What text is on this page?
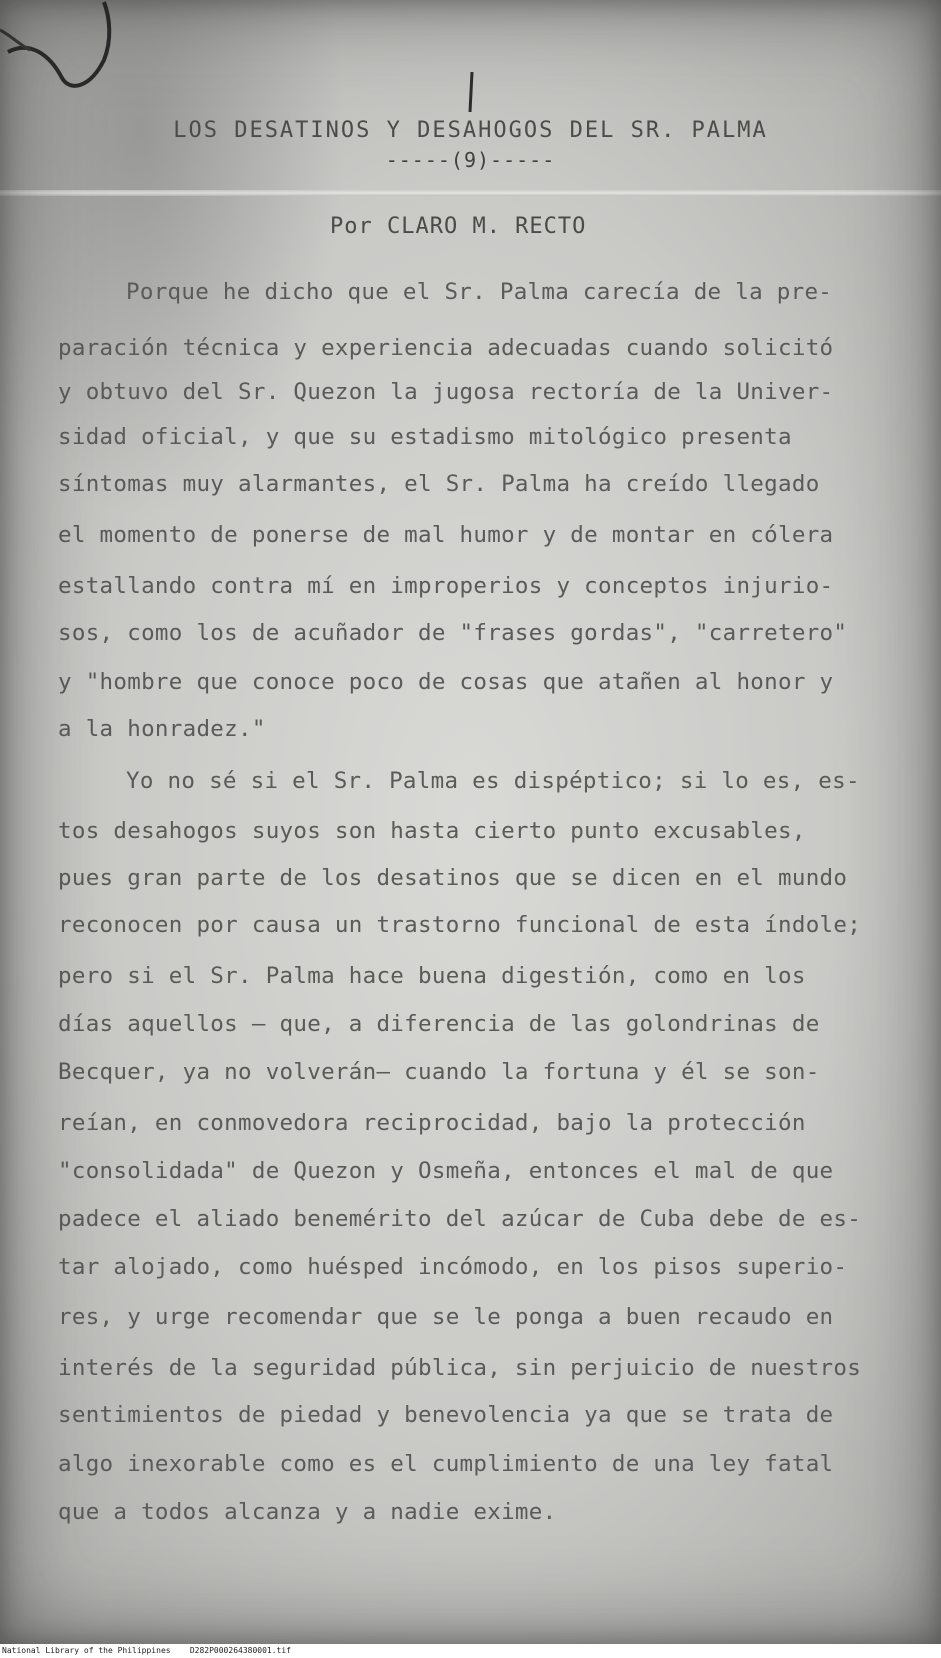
LOS DESATINOS Y DESAHOGOS DEL SR. PALMA
-----(9)-----
Por CLARO M. RECTO
Porque he dicho que el Sr. Palma carecía de la pre-
paración técnica y experiencia adecuadas cuando solicitó
y obtuvo del Sr. Quezon la jugosa rectoría de la Univer-
sidad oficial, y que su estadismo mitológico presenta
síntomas muy alarmantes, el Sr. Palma ha creído llegado
el momento de ponerse de mal humor y de montar en cólera
estallando contra mí en improperios y conceptos injurio-
sos, como los de acuñador de "frases gordas", "carretero"
y "hombre que conoce poco de cosas que atañen al honor y
a la honradez."
Yo no sé si el Sr. Palma es dispéptico; si lo es, es-
tos desahogos suyos son hasta cierto punto excusables,
pues gran parte de los desatinos que se dicen en el mundo
reconocen por causa un trastorno funcional de esta índole;
pero si el Sr. Palma hace buena digestión, como en los
días aquellos — que, a diferencia de las golondrinas de
Becquer, ya no volverán— cuando la fortuna y él se son-
reían, en conmovedora reciprocidad, bajo la protección
"consolidada" de Quezon y Osmeña, entonces el mal de que
padece el aliado benemérito del azúcar de Cuba debe de es-
tar alojado, como huésped incómodo, en los pisos superio-
res, y urge recomendar que se le ponga a buen recaudo en
interés de la seguridad pública, sin perjuicio de nuestros
sentimientos de piedad y benevolencia ya que se trata de
algo inexorable como es el cumplimiento de una ley fatal
que a todos alcanza y a nadie exime.
National Library of the Philippines D282P000264380001.tif
